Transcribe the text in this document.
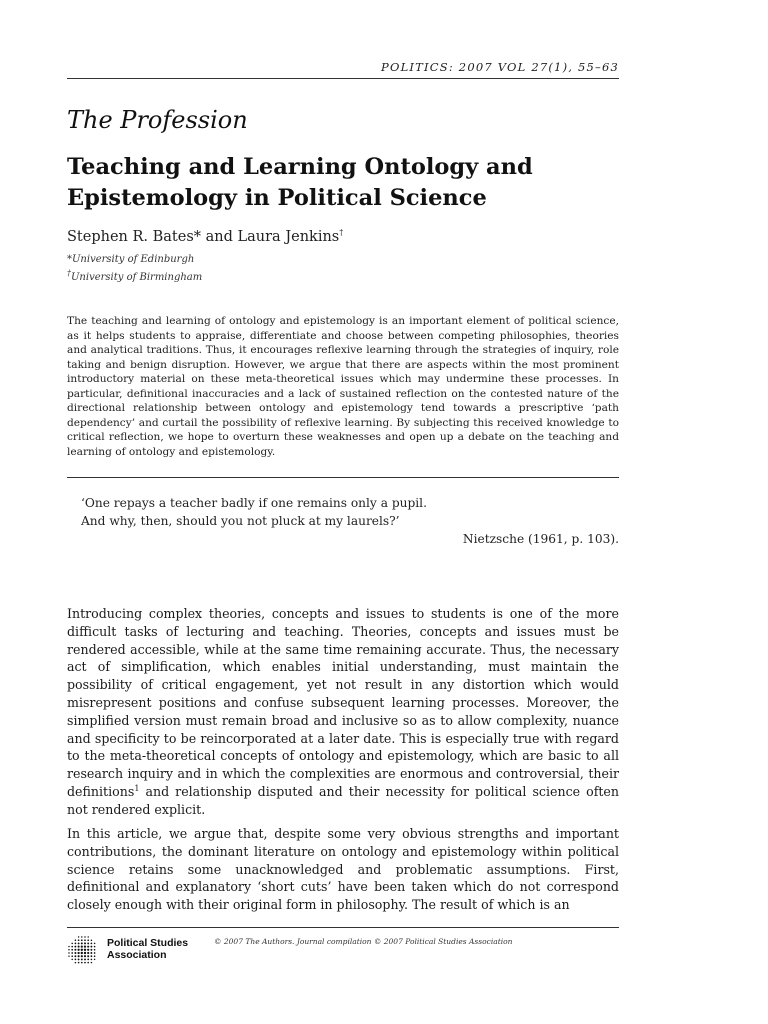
POLITICS: 2007 VOL 27(1), 55–63
The Profession
Teaching and Learning Ontology and
Epistemology in Political Science
Stephen R. Bates* and Laura Jenkins†
*University of Edinburgh
†University of Birmingham

The teaching and learning of ontology and epistemology is an important element of political science, as it helps students to appraise, differentiate and choose between competing philosophies, theories and analytical traditions. Thus, it encourages reflexive learning through the strategies of inquiry, role taking and benign disruption. However, we argue that there are aspects within the most prominent introductory material on these meta-theoretical issues which may undermine these processes. In particular, definitional inaccuracies and a lack of sustained reflection on the contested nature of the directional relationship between ontology and epistemology tend towards a prescriptive ‘path dependency’ and curtail the possibility of reflexive learning. By subjecting this received knowledge to critical reflection, we hope to overturn these weaknesses and open up a debate on the teaching and learning of ontology and epistemology.

‘One repays a teacher badly if one remains only a pupil.
And why, then, should you not pluck at my laurels?’
Nietzsche (1961, p. 103).

Introducing complex theories, concepts and issues to students is one of the more difficult tasks of lecturing and teaching. Theories, concepts and issues must be rendered accessible, while at the same time remaining accurate. Thus, the necessary act of simplification, which enables initial understanding, must maintain the possibility of critical engagement, yet not result in any distortion which would misrepresent positions and confuse subsequent learning processes. Moreover, the simplified version must remain broad and inclusive so as to allow complexity, nuance and specificity to be reincorporated at a later date. This is especially true with regard to the meta-theoretical concepts of ontology and epistemology, which are basic to all research inquiry and in which the complexities are enormous and controversial, their definitions$^1$ and relationship disputed and their necessity for political science often not rendered explicit.

In this article, we argue that, despite some very obvious strengths and important contributions, the dominant literature on ontology and epistemology within political science retains some unacknowledged and problematic assumptions. First, definitional and explanatory ‘short cuts’ have been taken which do not correspond closely enough with their original form in philosophy. The result of which is an

Political Studies
Association
© 2007 The Authors. Journal compilation © 2007 Political Studies Association
